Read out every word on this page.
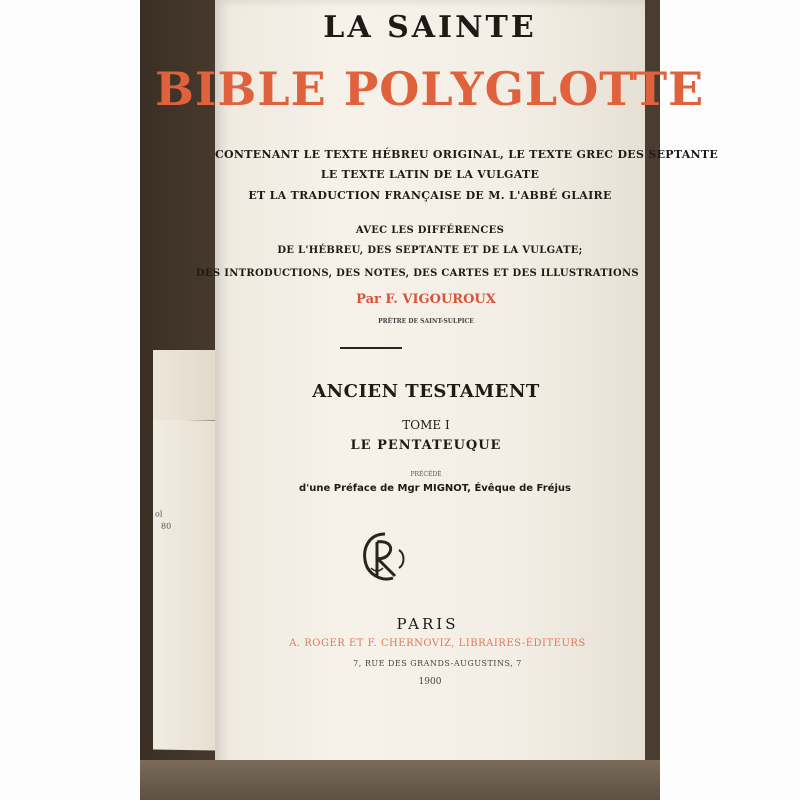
ol
80
LA SAINTE
BIBLE POLYGLOTTE
CONTENANT LE TEXTE HÉBREU ORIGINAL, LE TEXTE GREC DES SEPTANTE
LE TEXTE LATIN DE LA VULGATE
ET LA TRADUCTION FRANÇAISE DE M. L'ABBÉ GLAIRE
AVEC LES DIFFÉRENCES
DE L'HÉBREU, DES SEPTANTE ET DE LA VULGATE;
DES INTRODUCTIONS, DES NOTES, DES CARTES ET DES ILLUSTRATIONS
Par F. VIGOUROUX
PRÊTRE DE SAINT-SULPICE
ANCIEN TESTAMENT
TOME I
LE PENTATEUQUE
PRÉCÉDÉ
d'une Préface de Mgr MIGNOT, Évêque de Fréjus
PARIS
A. ROGER ET F. CHERNOVIZ, LIBRAIRES-ÉDITEURS
7, RUE DES GRANDS-AUGUSTINS, 7
1900
